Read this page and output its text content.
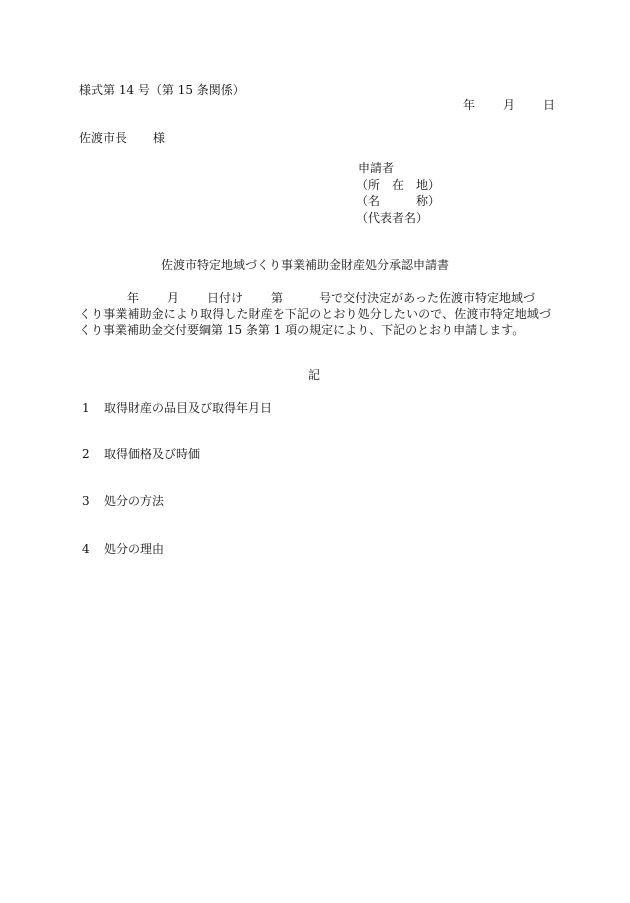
様式第 14 号（第 15 条関係）
年 月 日
佐渡市長 様
申請者
（所　在　地）
（名　　　称）
（代表者名）
佐渡市特定地域づくり事業補助金財産処分承認申請書
年 月 日付け 第	号で交付決定があった佐渡市特定地域づ
くり事業補助金により取得した財産を下記のとおり処分したいので、佐渡市特定地域づくり事業補助金交付要綱第 15 条第 1 項の規定により、下記のとおり申請します。
記
1 取得財産の品目及び取得年月日
2 取得価格及び時価
3 処分の方法
4 処分の理由
